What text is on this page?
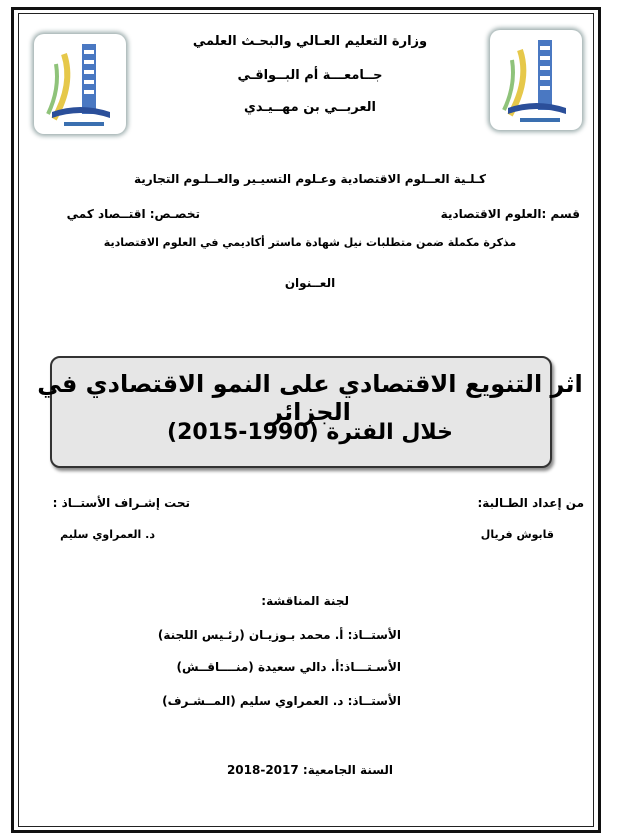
وزارة التعليم العـالي والبحـث العلمي
جــامعـــة أم البــواقـي
العربــي بن مهــيـدي
كـلـية العــلوم الاقتصادية وعـلوم التسيـير والعــلـوم التجارية
قسم :العلوم الاقتصادية
تخصـص: اقتــصاد كمي
مذكرة مكملة ضمن متطلبات نيل شهادة ماستر أكاديمي في العلوم الاقتصادية
العــنوان
اثر التنويع الاقتصادي على النمو الاقتصادي في الجزائر
خلال الفترة (1990-2015)
من إعداد الطـالبة:
تحت إشـراف الأستــاذ :
قابوش فريال
د. العمراوي سليم
لجنة المناقشة:
الأستــاذ: أ. محمد بـوزيـان (رئـيس اللجنة)
الأسـتـــاذ:أ. دالي سعيدة (منــــاقــش)
الأستــاذ: د. العمراوي سليم (المــشـرف)
السنة الجامعية: 2017-2018
